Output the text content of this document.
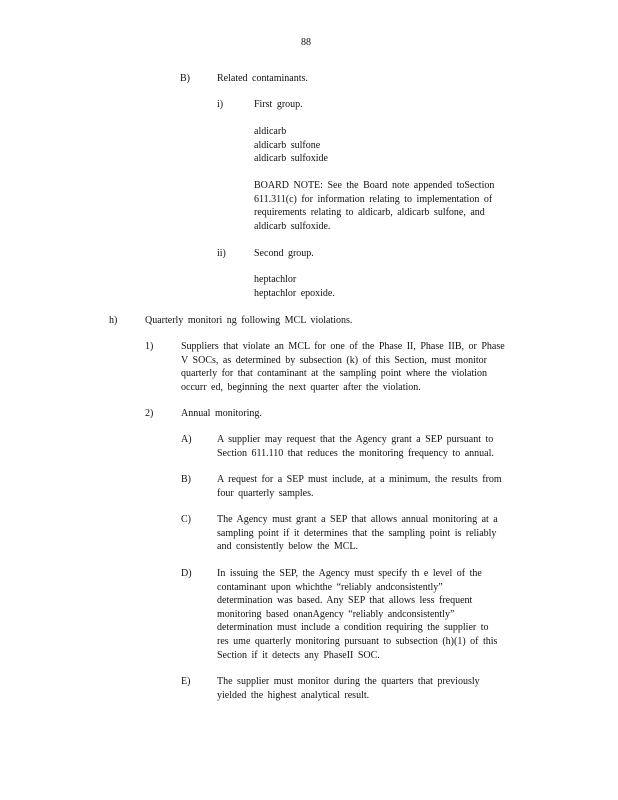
88
B)	Related contaminants.
i)	First group.
aldicarb
aldicarb sulfone
aldicarb sulfoxide
BOARD NOTE: See the Board note appended toSection
611.311(c) for information relating to implementation of
requirements relating to aldicarb, aldicarb sulfone, and
aldicarb sulfoxide.
ii)	Second group.
heptachlor
heptachlor epoxide.
h)	Quarterly monitori ng following MCL violations.
1)	Suppliers that violate an MCL for one of the Phase II, Phase IIB, or Phase
V SOCs, as determined by subsection (k) of this Section, must monitor
quarterly for that contaminant at the sampling point where the violation
occurr ed, beginning the next quarter after the violation.
2)	Annual monitoring.
A)	A supplier may request that the Agency grant a SEP pursuant to
Section 611.110 that reduces the monitoring frequency to annual.
B)	A request for a SEP must include, at a minimum, the results from
four quarterly samples.
C)	The Agency must grant a SEP that allows annual monitoring at a
sampling point if it determines that the sampling point is reliably
and consistently below the MCL.
D)	In issuing the SEP, the Agency must specify th e level of the
contaminant upon whichthe “reliably andconsistently”
determination was based. Any SEP that allows less frequent
monitoring based onanAgency “reliably andconsistently”
determination must include a condition requiring the supplier to
res ume quarterly monitoring pursuant to subsection (h)(1) of this
Section if it detects any PhaseII SOC.
E)	The supplier must monitor during the quarters that previously
yielded the highest analytical result.
